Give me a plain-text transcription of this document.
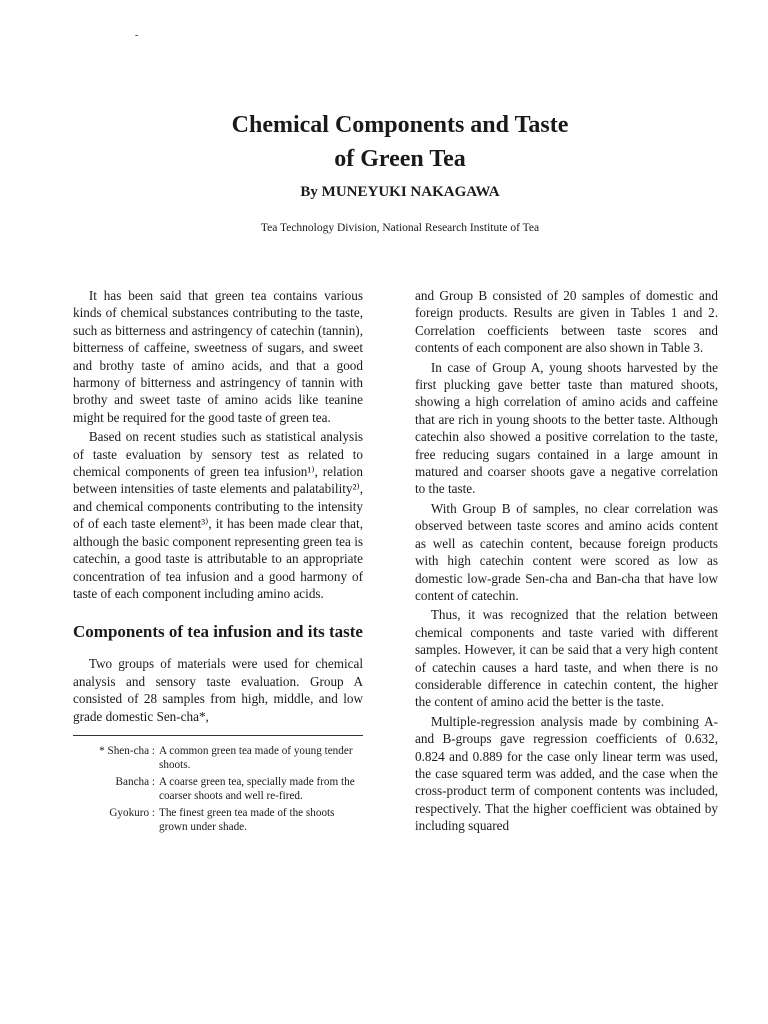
-
Chemical Components and Taste
of Green Tea
By MUNEYUKI NAKAGAWA
Tea Technology Division, National Research Institute of Tea

It has been said that green tea contains various kinds of chemical substances contributing to the taste, such as bitterness and astringency of catechin (tannin), bitterness of caffeine, sweetness of sugars, and sweet and brothy taste of amino acids, and that a good harmony of bitterness and astringency of tannin with brothy and sweet taste of amino acids like teanine might be required for the good taste of green tea.

Based on recent studies such as statistical analysis of taste evaluation by sensory test as related to chemical components of green tea infusion¹⁾, relation between intensities of taste elements and palatability²⁾, and chemical components contributing to the intensity of of each taste element³⁾, it has been made clear that, although the basic component representing green tea is catechin, a good taste is attributable to an appropriate concentration of tea infusion and a good harmony of taste of each component including amino acids.

Components of tea infusion and its taste

Two groups of materials were used for chemical analysis and sensory taste evaluation. Group A consisted of 28 samples from high, middle, and low grade domestic Sen-cha*,

* Shen-cha : A common green tea made of young tender shoots.
Bancha : A coarse green tea, specially made from the coarser shoots and well re-fired.
Gyokuro : The finest green tea made of the shoots grown under shade.

and Group B consisted of 20 samples of domestic and foreign products. Results are given in Tables 1 and 2. Correlation coefficients between taste scores and contents of each component are also shown in Table 3.

In case of Group A, young shoots harvested by the first plucking gave better taste than matured shoots, showing a high correlation of amino acids and caffeine that are rich in young shoots to the better taste. Although catechin also showed a positive correlation to the taste, free reducing sugars contained in a large amount in matured and coarser shoots gave a negative correlation to the taste.

With Group B of samples, no clear correlation was observed between taste scores and amino acids content as well as catechin content, because foreign products with high catechin content were scored as low as domestic low-grade Sen-cha and Ban-cha that have low content of catechin.

Thus, it was recognized that the relation between chemical components and taste varied with different samples. However, it can be said that a very high content of catechin causes a hard taste, and when there is no considerable difference in catechin content, the higher the content of amino acid the better is the taste.

Multiple-regression analysis made by combining A- and B-groups gave regression coefficients of 0.632, 0.824 and 0.889 for the case only linear term was used, the case squared term was added, and the case when the cross-product term of component contents was included, respectively. That the higher coefficient was obtained by including squared
